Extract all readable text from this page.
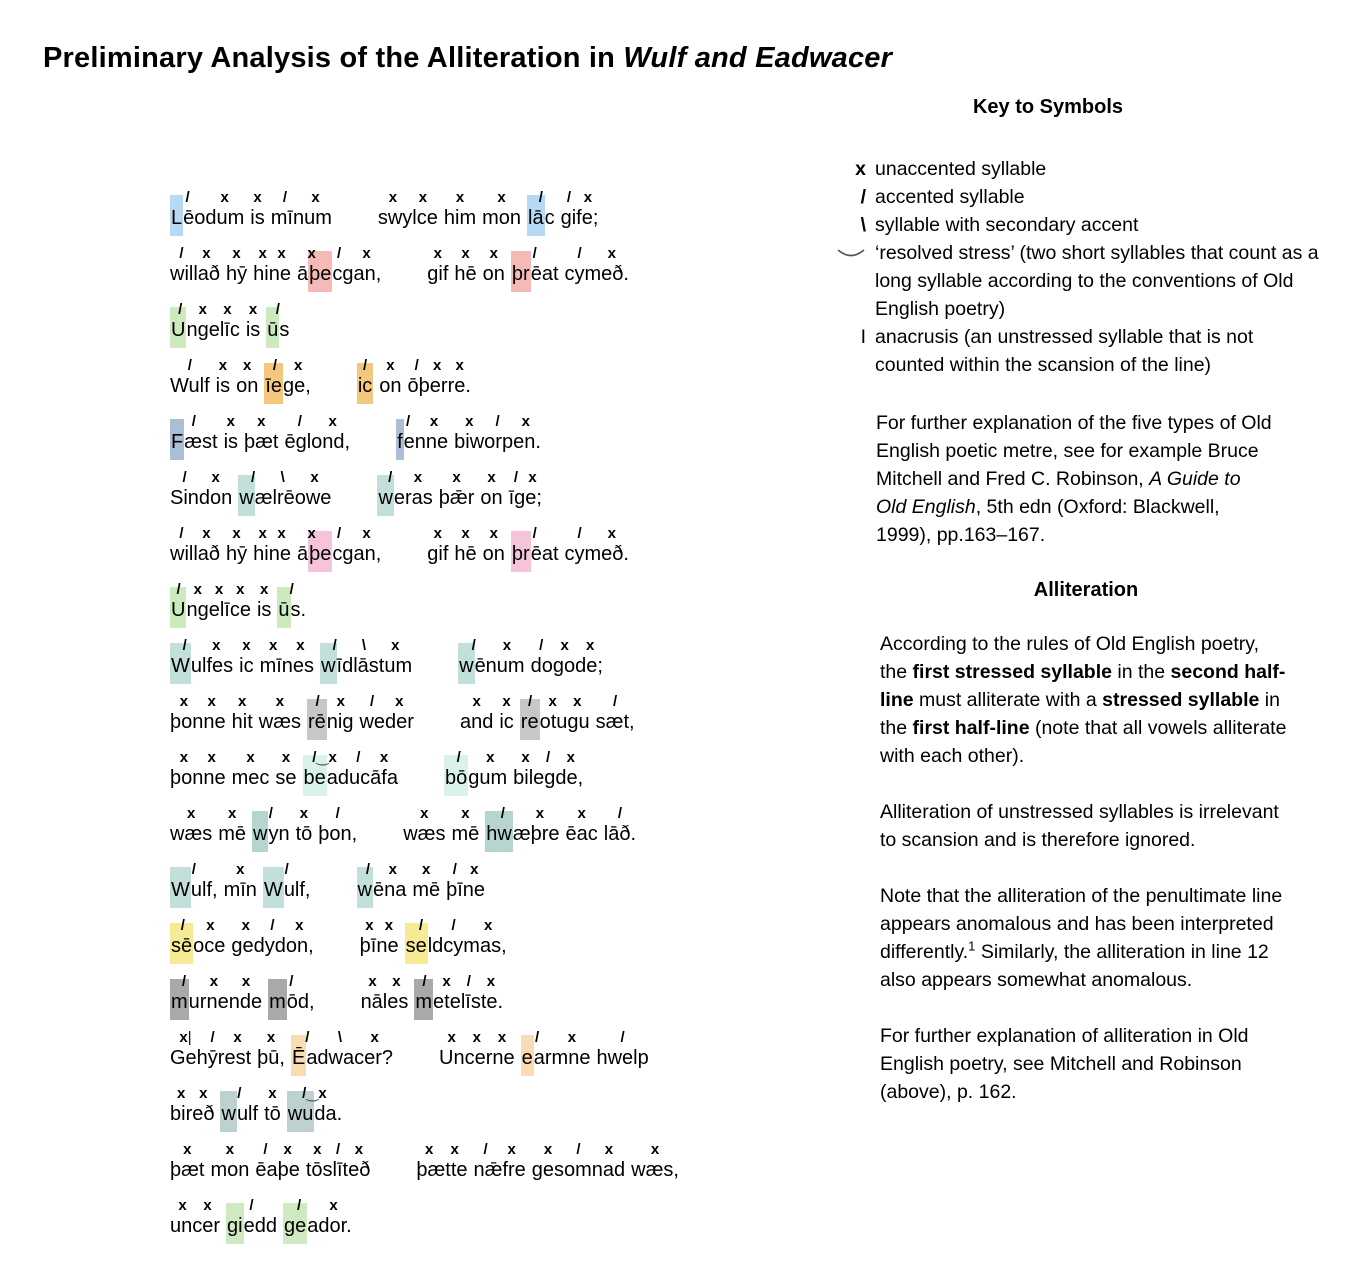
Preliminary Analysis of the Alliteration in Wulf and Eadwacer
/ x
Lēodum
x
is
/ x
mīnum
x x
swylce
x
him
x
mon
/
lāc
/ x
gife;
/ x
willað
x
hȳ
x x
hine
x / x
āþecgan,
x
gif
x
hē
x
on
/
þrēat
/ x
cymeð.
/ x x
Ungelīc
x
is
/
ūs
/
Wulf
x
is
x
on
/ x
īege,
/
ic
x
on
/ x x
ōþerre.
/
Fæst
x
is
x
þæt
/ x
ēglond,
/ x
fenne
x / x
biworpen.
/ x
Sindon
/ \ x
wælrēowe
/ x
weras
x
þǣr
x
on
/ x
īge;
/ x
willað
x
hȳ
x x
hine
x / x
āþecgan,
x
gif
x
hē
x
on
/
þrēat
/ x
cymeð.
/ x x x
Ungelīce
x
is
/
ūs.
/ x
Wulfes
x
ic
x x
mīnes
/ \ x
wīdlāstum
/ x
wēnum
/ x x
dogode;
x x
þonne
x
hit
x
wæs
/ x
rēnig
/ x
weder
x
and
x
ic
/ x x
reotugu
/
sæt,
x x
þonne
x
mec
x
se
/‿x / x
beaducāfa
/ x
bōgum
x / x
bilegde,
x
wæs
x
mē
/
wyn
x
tō
/
þon,
x
wæs
x
mē
/ x
hwæþre
x
ēac
/
lāð.
/
Wulf,
x
mīn
/
Wulf,
/ x
wēna
x
mē
/ x
þīne
/ x
sēoce
x / x
gedydon,
x x
þīne
/ / x
seldcymas,
/ x x
murnende
/
mōd,
x x
nāles
/ x / x
metelīste.
x| / x
Gehȳrest
x
þū,
/ \ x
Ēadwacer?
x x x
Uncerne
/ x
earmne
/
hwelp
x x
bireð
/
wulf
x
tō
/‿x
wuda.
x
þæt
x
mon
/ x
ēaþe
x / x
tōslīteð
x x
þætte
/ x
nǣfre
x / x
gesomnad
x
wæs,
x x
uncer
/
giedd
/ x
geador.
Key to Symbols
x unaccented syllable
/ accented syllable
\ syllable with secondary accent
‘resolved stress’ (two short syllables that count as a long syllable according to the conventions of Old English poetry)
I anacrusis (an unstressed syllable that is not counted within the scansion of the line)

For further explanation of the five types of Old English poetic metre, see for example Bruce Mitchell and Fred C. Robinson, A Guide to Old English, 5th edn (Oxford: Blackwell, 1999), pp.163–167.

Alliteration

According to the rules of Old English poetry, the first stressed syllable in the second half-line must alliterate with a stressed syllable in the first half-line (note that all vowels alliterate with each other).

Alliteration of unstressed syllables is irrelevant to scansion and is therefore ignored.

Note that the alliteration of the penultimate line appears anomalous and has been interpreted differently.$^1$ Similarly, the alliteration in line 12 also appears somewhat anomalous.

For further explanation of alliteration in Old English poetry, see Mitchell and Robinson (above), p. 162.
